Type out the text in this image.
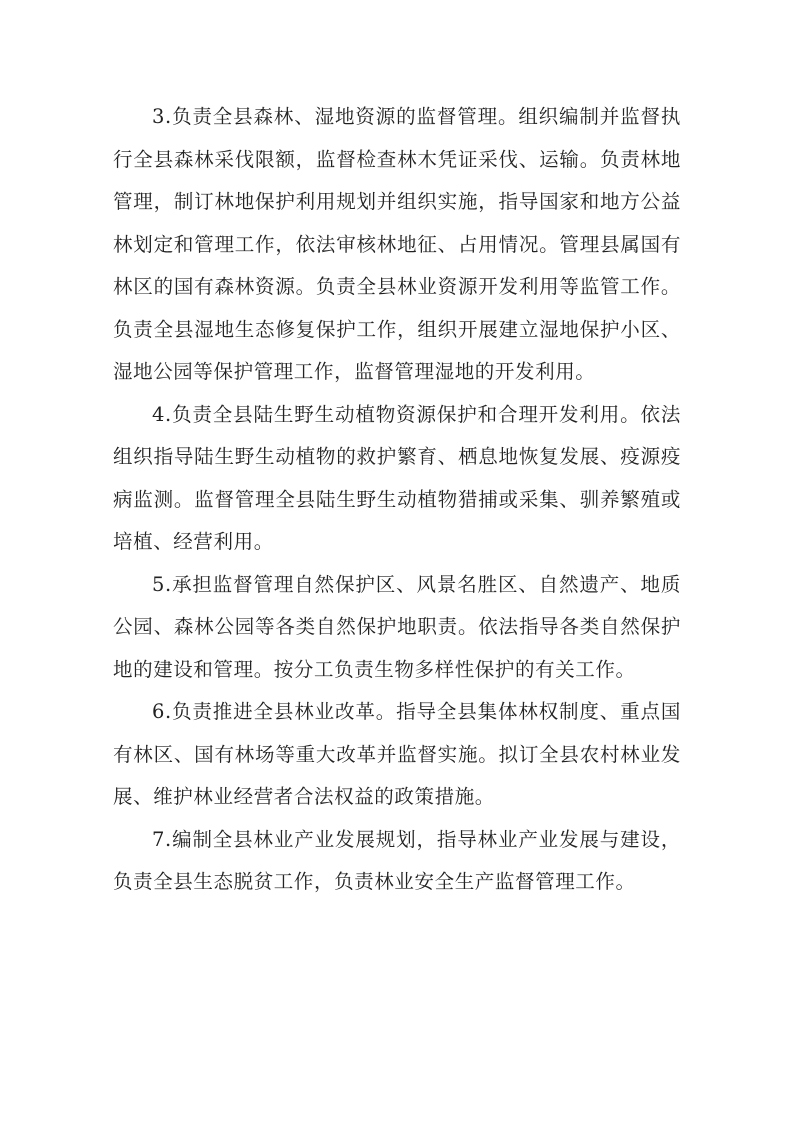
3.负责全县森林、湿地资源的监督管理。组织编制并监督执行全县森林采伐限额，监督检查林木凭证采伐、运输。负责林地管理，制订林地保护利用规划并组织实施，指导国家和地方公益林划定和管理工作，依法审核林地征、占用情况。管理县属国有林区的国有森林资源。负责全县林业资源开发利用等监管工作。负责全县湿地生态修复保护工作，组织开展建立湿地保护小区、湿地公园等保护管理工作，监督管理湿地的开发利用。

4.负责全县陆生野生动植物资源保护和合理开发利用。依法组织指导陆生野生动植物的救护繁育、栖息地恢复发展、疫源疫病监测。监督管理全县陆生野生动植物猎捕或采集、驯养繁殖或培植、经营利用。

5.承担监督管理自然保护区、风景名胜区、自然遗产、地质公园、森林公园等各类自然保护地职责。依法指导各类自然保护地的建设和管理。按分工负责生物多样性保护的有关工作。

6.负责推进全县林业改革。指导全县集体林权制度、重点国有林区、国有林场等重大改革并监督实施。拟订全县农村林业发展、维护林业经营者合法权益的政策措施。

7.编制全县林业产业发展规划，指导林业产业发展与建设，负责全县生态脱贫工作，负责林业安全生产监督管理工作。
